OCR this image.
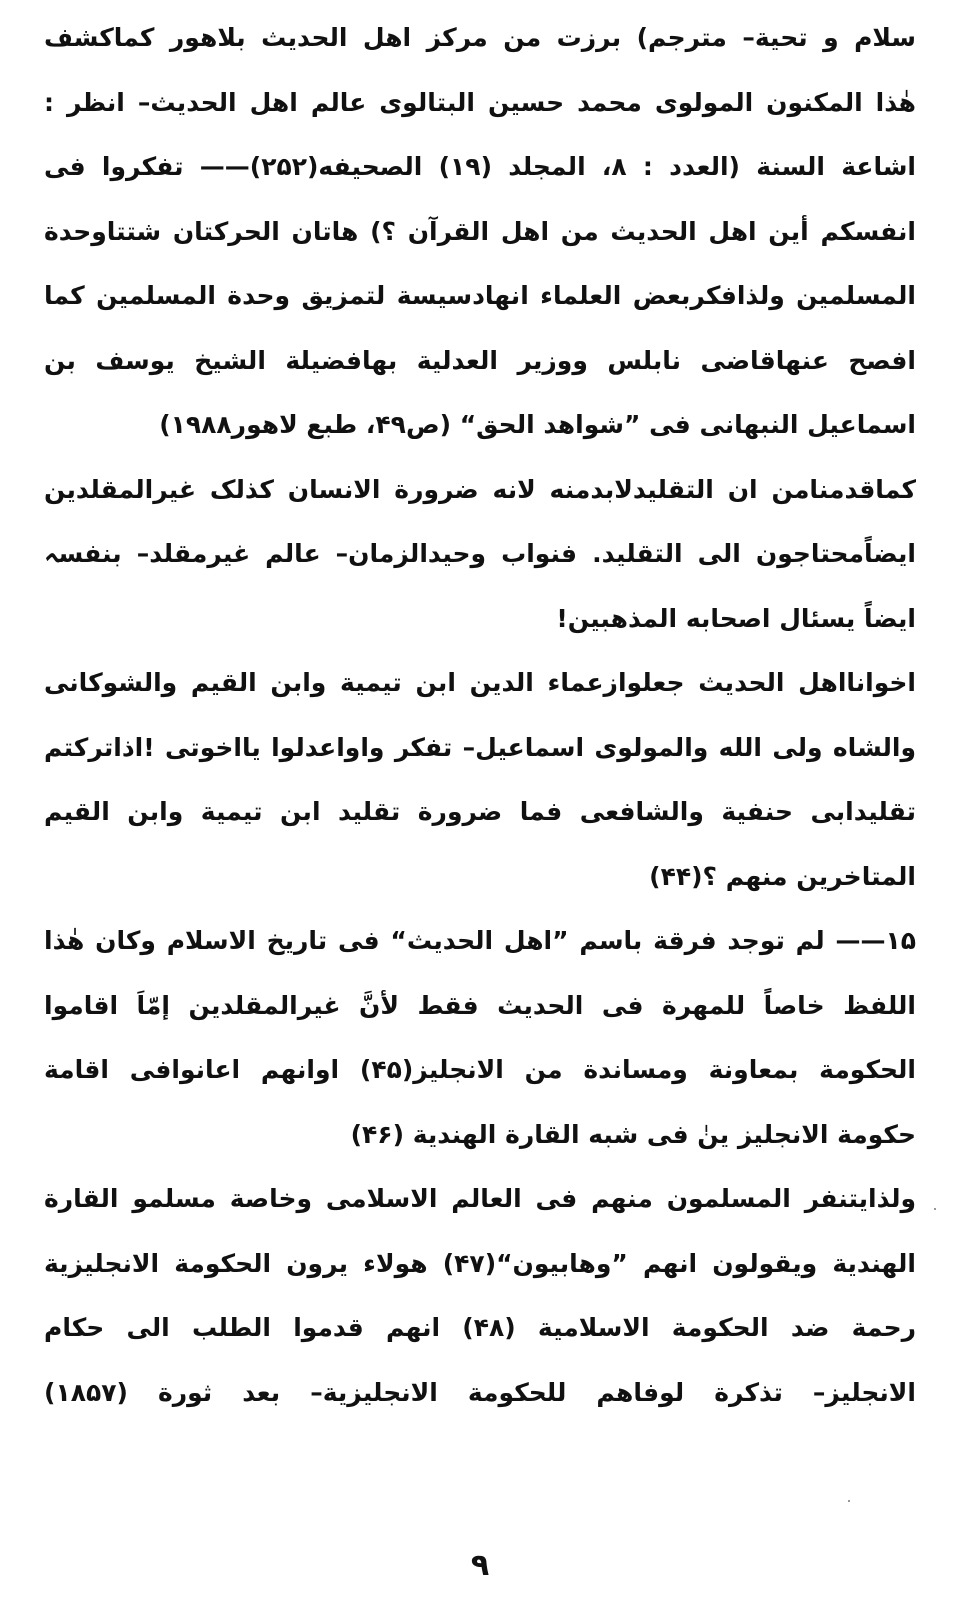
سلام و تحیة– مترجم) برزت من مرکز اهل الحدیث بلاهور کماکشف
هٰذا المکنون المولوی محمد حسین البتالوی عالم اهل الحدیث– انظر :
اشاعة السنة (العدد : ۸، المجلد (۱۹) الصحیفه(۲۵۲)—— تفکروا فی
انفسکم أین اهل الحدیث من اهل القرآن ؟) هاتان الحرکتان شتتاوحدة
المسلمین ولذافکربعض العلماء انهادسیسة لتمزیق وحدة المسلمین کما
افصح عنهاقاضی نابلس ووزیر العدلیة بهافضیلة الشیخ یوسف بن
اسماعیل النبهانی فی ”شواهد الحق“ (ص۴۹، طبع لاهور۱۹۸۸)
کماقدمنامن ان التقلیدلابدمنه لانه ضرورة الانسان کذلک غیرالمقلدین
ایضاًمحتاجون الی التقلید. فنواب وحیدالزمان– عالم غیرمقلد– بنفسہ
ایضاً یسئال اصحابه المذهبین!
اخوانااهل الحدیث جعلوازعماء الدین ابن تیمیة وابن القیم والشوکانی
والشاه ولی الله والمولوی اسماعیل– تفکر واواعدلوا یااخوتی !اذاترکتم
تقلیدابی حنفیة والشافعی فما ضرورة تقلید ابن تیمیة وابن القیم
المتاخرین منهم ؟(۴۴)
۱۵—— لم توجد فرقة باسم ”اهل الحدیث“ فی تاریخ الاسلام وکان هٰذا
اللفظ خاصاً للمهرة فی الحدیث فقط لأنَّ غیرالمقلدین إمّاَ اقاموا
الحکومة بمعاونة ومساندة من الانجلیز(۴۵) اوانهم اعانوافی اقامة
حکومة الانجلیز ینٰ فی شبه القارة الهندیة (۴۶)
ولذایتنفر المسلمون منهم فی العالم الاسلامی وخاصة مسلمو القارة
الهندیة ویقولون انهم ”وهابیون“(۴۷) هولاء یرون الحکومة الانجلیزیة
رحمة ضد الحکومة الاسلامیة (۴۸) انهم قدموا الطلب الی حکام
الانجلیز– تذکرة لوفاهم للحکومة الانجلیزیة– بعد ثورة (۱۸۵۷)
۹
